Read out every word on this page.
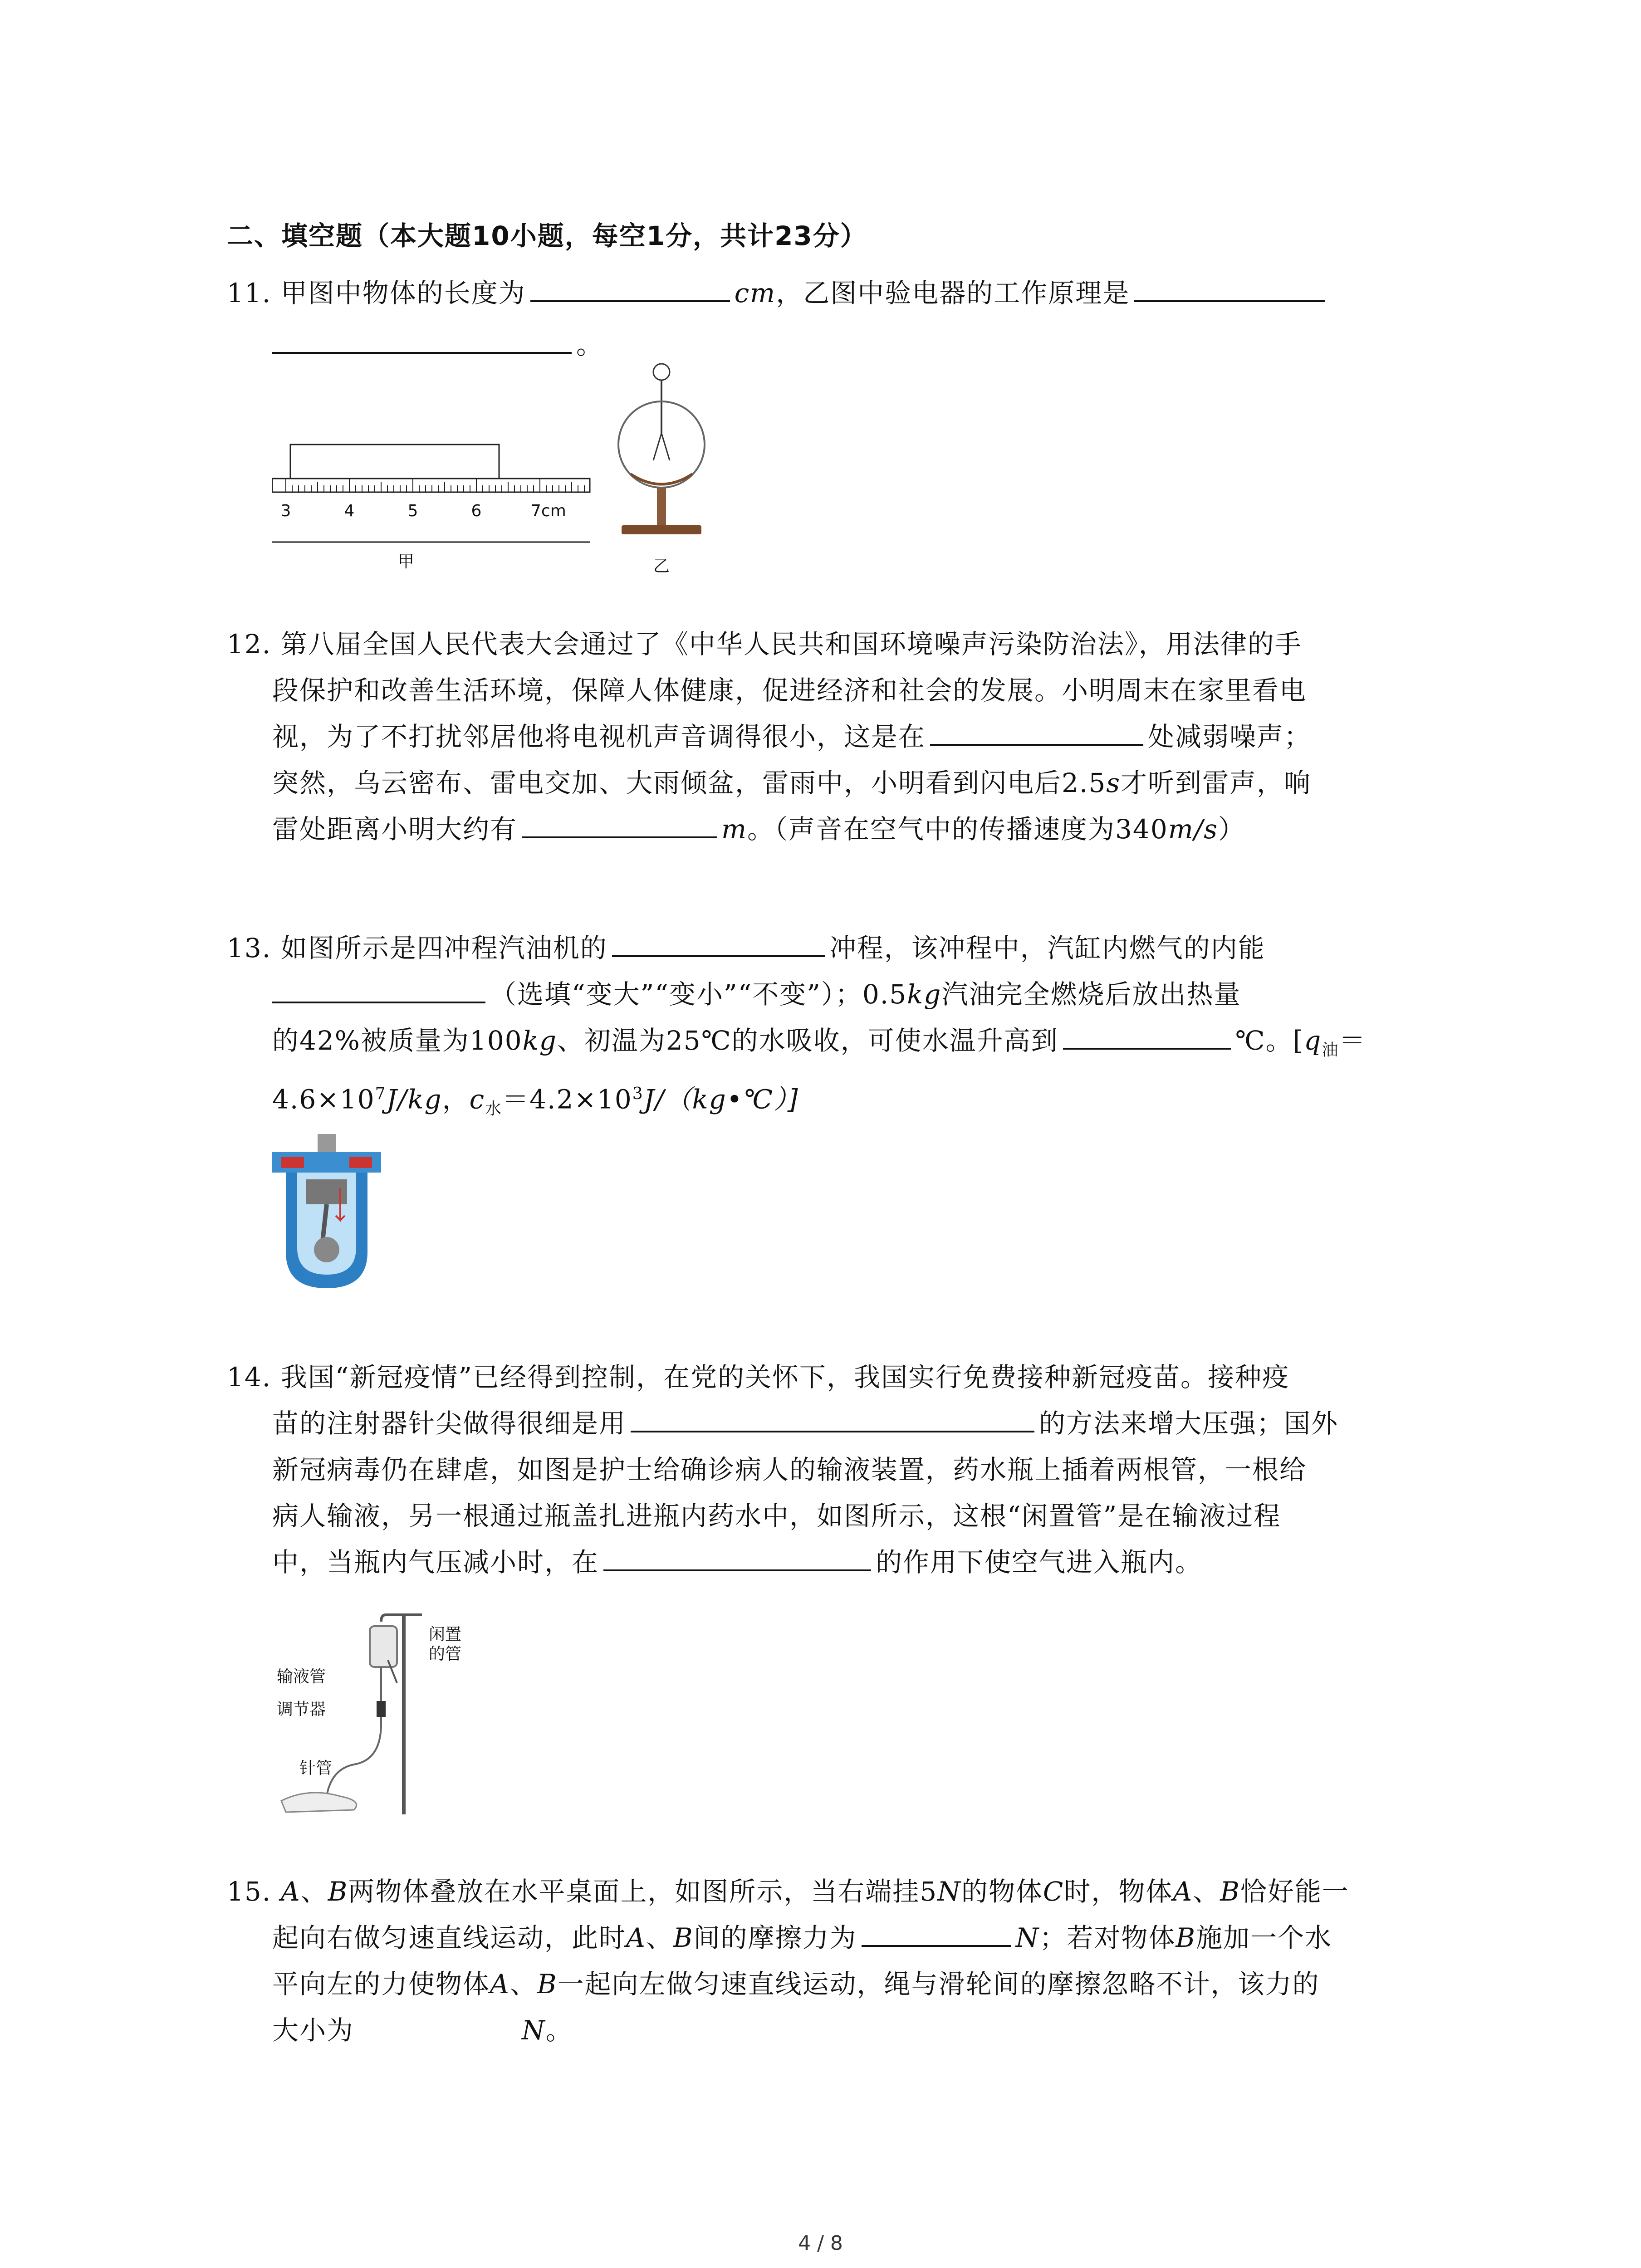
二、填空题（本大题10小题，每空1分，共计23分）
11. 甲图中物体的长度为	cm，乙图中验电器的工作原理是
。
3	4	5	6	7cm
甲	乙
12. 第八届全国人民代表大会通过了《中华人民共和国环境噪声污染防治法》，用法律的手
段保护和改善生活环境，保障人体健康，促进经济和社会的发展。小明周末在家里看电
视，为了不打扰邻居他将电视机声音调得很小，这是在	处减弱噪声；
突然，乌云密布、雷电交加、大雨倾盆，雷雨中，小明看到闪电后2.5s才听到雷声，响
雷处距离小明大约有	m。（声音在空气中的传播速度为340m/s）
13. 如图所示是四冲程汽油机的	冲程，该冲程中，汽缸内燃气的内能
（选填“变大”“变小”“不变”）；0.5kg汽油完全燃烧后放出热量
的42%被质量为100kg、初温为25℃的水吸收，可使水温升高到	℃。[$q_油=$
$4.6\times 10^7J/kg$，$c_水=4.2\times 10^3J/(kg•℃)$]
14. 我国“新冠疫情”已经得到控制，在党的关怀下，我国实行免费接种新冠疫苗。接种疫
苗的注射器针尖做得很细是用	的方法来增大压强；国外
新冠病毒仍在肆虐，如图是护士给确诊病人的输液装置，药水瓶上插着两根管，一根给
病人输液，另一根通过瓶盖扎进瓶内药水中，如图所示，这根“闲置管”是在输液过程
中，当瓶内气压减小时，在	的作用下使空气进入瓶内。
闲置
的管
输液管
调节器
针管
15. A、B两物体叠放在水平桌面上，如图所示，当右端挂5N的物体C时，物体A、B恰好能一
起向右做匀速直线运动，此时A、B间的摩擦力为	N；若对物体B施加一个水
平向左的力使物体A、B一起向左做匀速直线运动，绳与滑轮间的摩擦忽略不计，该力的
大小为	N。
4 / 8
